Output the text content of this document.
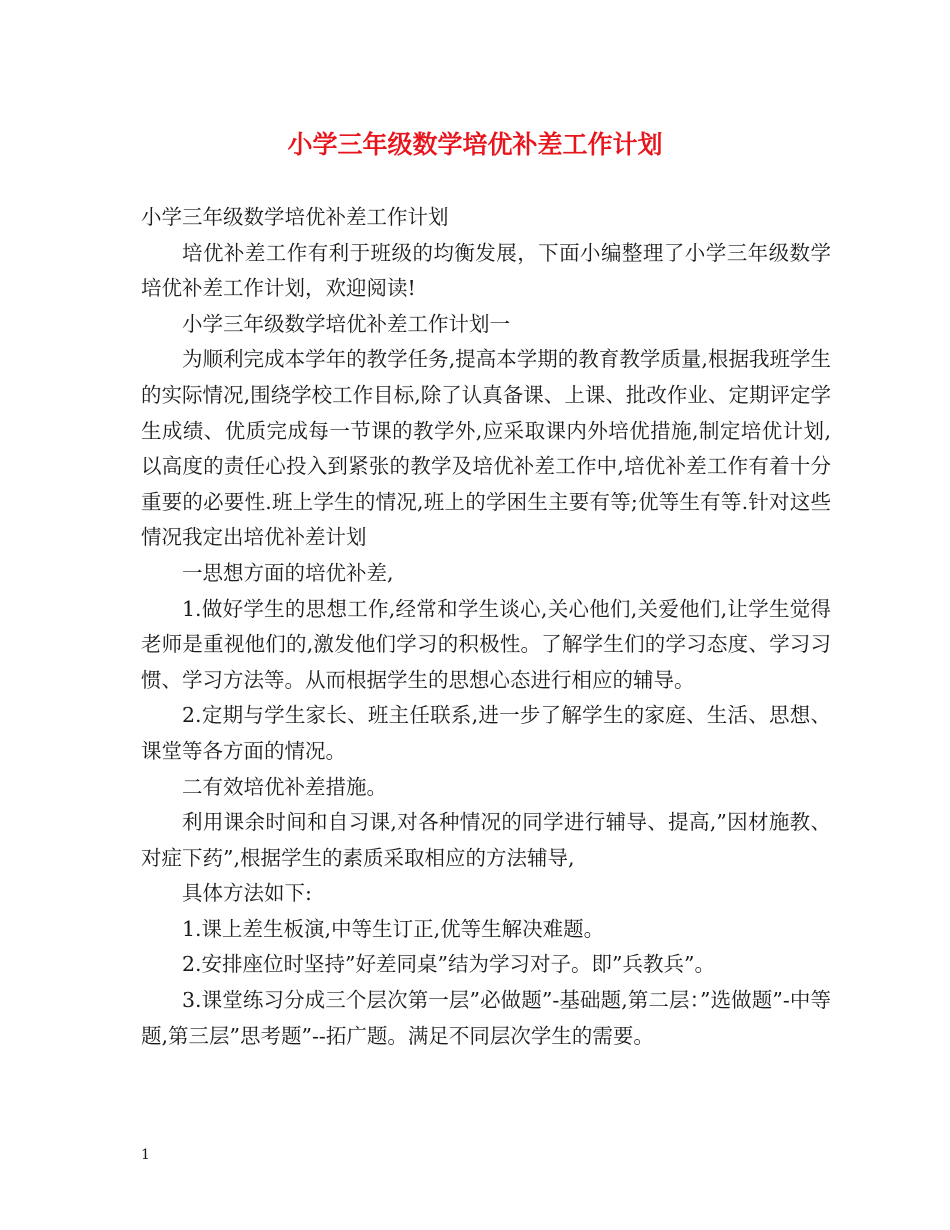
小学三年级数学培优补差工作计划

小学三年级数学培优补差工作计划

培优补差工作有利于班级的均衡发展，下面小编整理了小学三年级数学培优补差工作计划，欢迎阅读!

小学三年级数学培优补差工作计划一

为顺利完成本学年的教学任务,提高本学期的教育教学质量,根据我班学生的实际情况,围绕学校工作目标,除了认真备课、上课、批改作业、定期评定学生成绩、优质完成每一节课的教学外,应采取课内外培优措施,制定培优计划,以高度的责任心投入到紧张的教学及培优补差工作中,培优补差工作有着十分重要的必要性.班上学生的情况,班上的学困生主要有等;优等生有等.针对这些情况我定出培优补差计划

一思想方面的培优补差,

1.做好学生的思想工作,经常和学生谈心,关心他们,关爱他们,让学生觉得老师是重视他们的,激发他们学习的积极性。了解学生们的学习态度、学习习惯、学习方法等。从而根据学生的思想心态进行相应的辅导。

2.定期与学生家长、班主任联系,进一步了解学生的家庭、生活、思想、课堂等各方面的情况。

二有效培优补差措施。

利用课余时间和自习课,对各种情况的同学进行辅导、提高,”因材施教、对症下药”,根据学生的素质采取相应的方法辅导,

具体方法如下:

1.课上差生板演,中等生订正,优等生解决难题。

2.安排座位时坚持”好差同桌”结为学习对子。即”兵教兵”。

3.课堂练习分成三个层次第一层”必做题”-基础题,第二层：”选做题”-中等题,第三层”思考题”--拓广题。满足不同层次学生的需要。

1
